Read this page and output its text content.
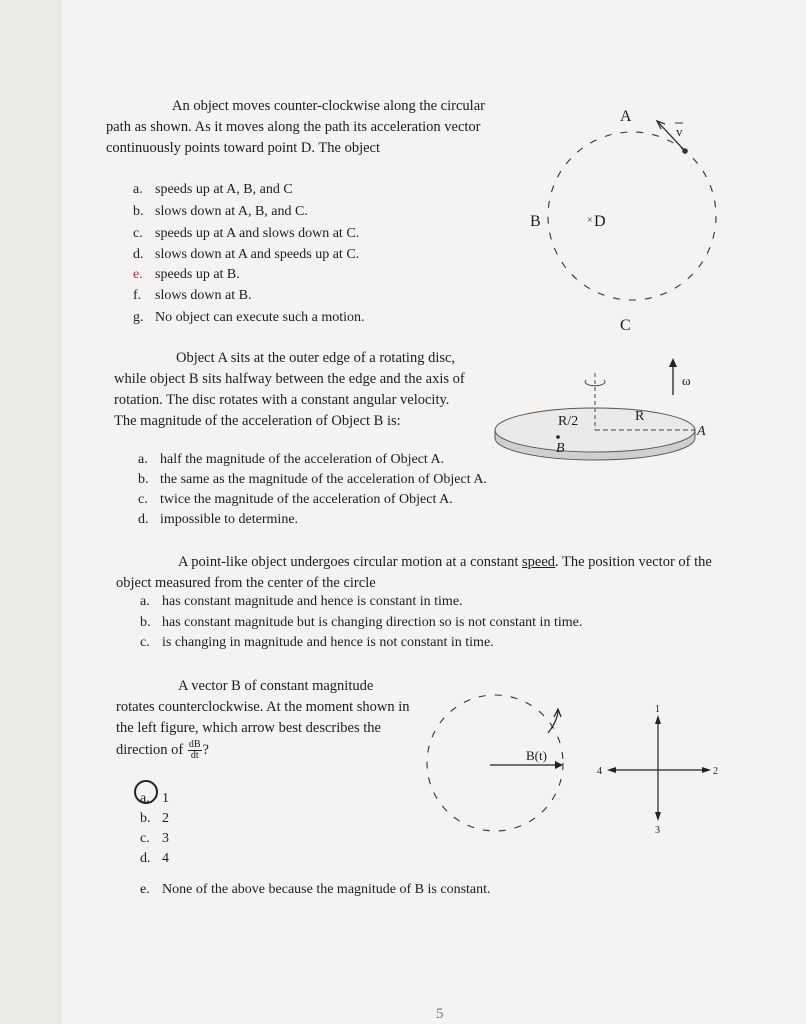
An object moves counter-clockwise along the circular path as shown. As it moves along the path its acceleration vector continuously points toward point D. The object
a. speeds up at A, B, and C
b. slows down at A, B, and C.
c. speeds up at A and slows down at C.
d. slows down at A and speeds up at C.
e. speeds up at B.
f. slows down at B.
g. No object can execute such a motion.
A
v
B	× D
C
Object A sits at the outer edge of a rotating disc, while object B sits halfway between the edge and the axis of rotation. The disc rotates with a constant angular velocity. The magnitude of the acceleration of Object B is:
a. half the magnitude of the acceleration of Object A.
b. the same as the magnitude of the acceleration of Object A.
c. twice the magnitude of the acceleration of Object A.
d. impossible to determine.
ω
R/2	R
B
A
A point-like object undergoes circular motion at a constant speed. The position vector of the object measured from the center of the circle
a. has constant magnitude and hence is constant in time.
b. has constant magnitude but is changing direction so is not constant in time.
c. is changing in magnitude and hence is not constant in time.
A vector B of constant magnitude
rotates counterclockwise. At the moment shown in
the left figure, which arrow best describes the
direction of $\frac{dB}{dt}$ ?
a. 1
b. 2
c. 3
d. 4
e. None of the above because the magnitude of B is constant.
B(t)
1
2
3
4
5
